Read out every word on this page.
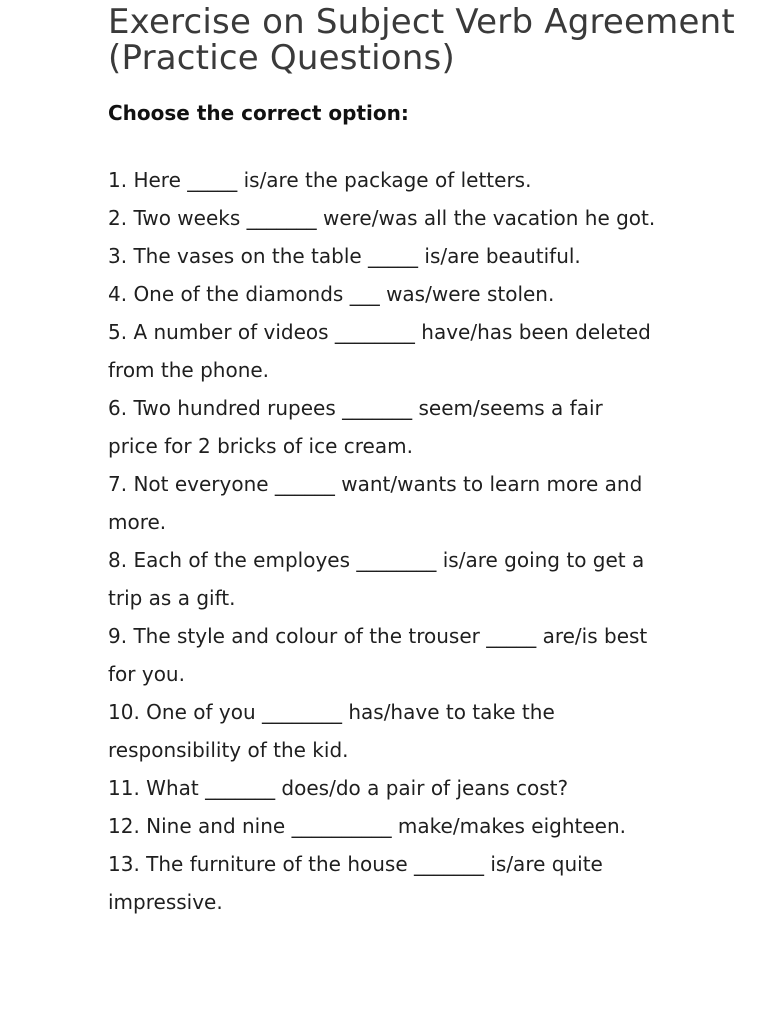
Exercise on Subject Verb Agreement (Practice Questions)

Choose the correct option:

1. Here _____ is/are the package of letters.
2. Two weeks _______ were/was all the vacation he got.
3. The vases on the table _____ is/are beautiful.
4. One of the diamonds ___ was/were stolen.
5. A number of videos ________ have/has been deleted from the phone.
6. Two hundred rupees _______ seem/seems a fair price for 2 bricks of ice cream.
7. Not everyone ______ want/wants to learn more and more.
8. Each of the employes ________ is/are going to get a trip as a gift.
9. The style and colour of the trouser _____ are/is best for you.
10. One of you ________ has/have to take the responsibility of the kid.
11. What _______ does/do a pair of jeans cost?
12. Nine and nine __________ make/makes eighteen.
13. The furniture of the house _______ is/are quite impressive.
